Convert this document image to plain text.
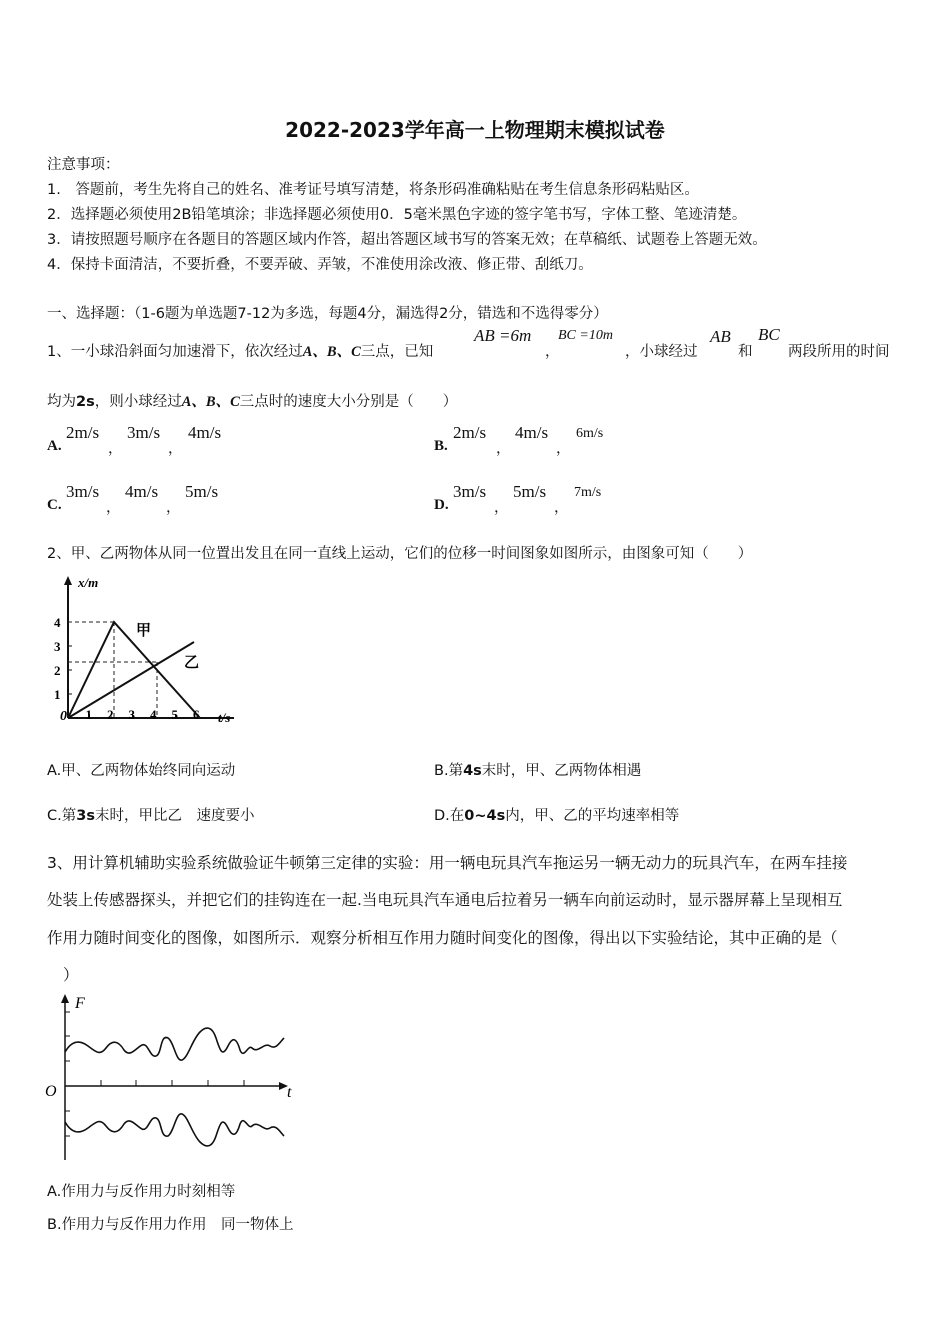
2022-2023学年高一上物理期末模拟试卷
注意事项：
1.　答题前，考生先将自己的姓名、准考证号填写清楚，将条形码准确粘贴在考生信息条形码粘贴区。
2．选择题必须使用2B铅笔填涂；非选择题必须使用0．5毫米黑色字迹的签字笔书写，字体工整、笔迹清楚。
3．请按照题号顺序在各题目的答题区域内作答，超出答题区域书写的答案无效；在草稿纸、试题卷上答题无效。
4．保持卡面清洁，不要折叠，不要弄破、弄皱，不准使用涂改液、修正带、刮纸刀。
一、选择题：（1-6题为单选题7-12为多选，每题4分，漏选得2分，错选和不选得零分）
1、一小球沿斜面匀加速滑下，依次经过A、B、C三点，已知
AB =6m
，
BC =10m
，小球经过
AB
和
BC
两段所用的时间
均为2s，则小球经过A、B、C三点时的速度大小分别是（　　）
A.
2m/s
，
3m/s
，
4m/s
B.
2m/s
，
4m/s
，
6m/s
C.
3m/s
，
4m/s
，
5m/s
D.
3m/s
，
5m/s
，
7m/s
2、甲、乙两物体从同一位置出发且在同一直线上运动，它们的位移一时间图象如图所示，由图象可知（　　）
x/m
t/s
0 1 2 3 4 5 6
1
2
3
4
甲
乙
A.甲、乙两物体始终同向运动	B.第4s末时，甲、乙两物体相遇
C.第3s末时，甲比乙　速度要小	D.在0~4s内，甲、乙的平均速率相等
3、用计算机辅助实验系统做验证牛顿第三定律的实验：用一辆电玩具汽车拖运另一辆无动力的玩具汽车，在两车挂接
处装上传感器探头，并把它们的挂钩连在一起.当电玩具汽车通电后拉着另一辆车向前运动时，显示器屏幕上呈现相互
作用力随时间变化的图像，如图所示．观察分析相互作用力随时间变化的图像，得出以下实验结论，其中正确的是（
）
F
t
O
A.作用力与反作用力时刻相等
B.作用力与反作用力作用　同一物体上
